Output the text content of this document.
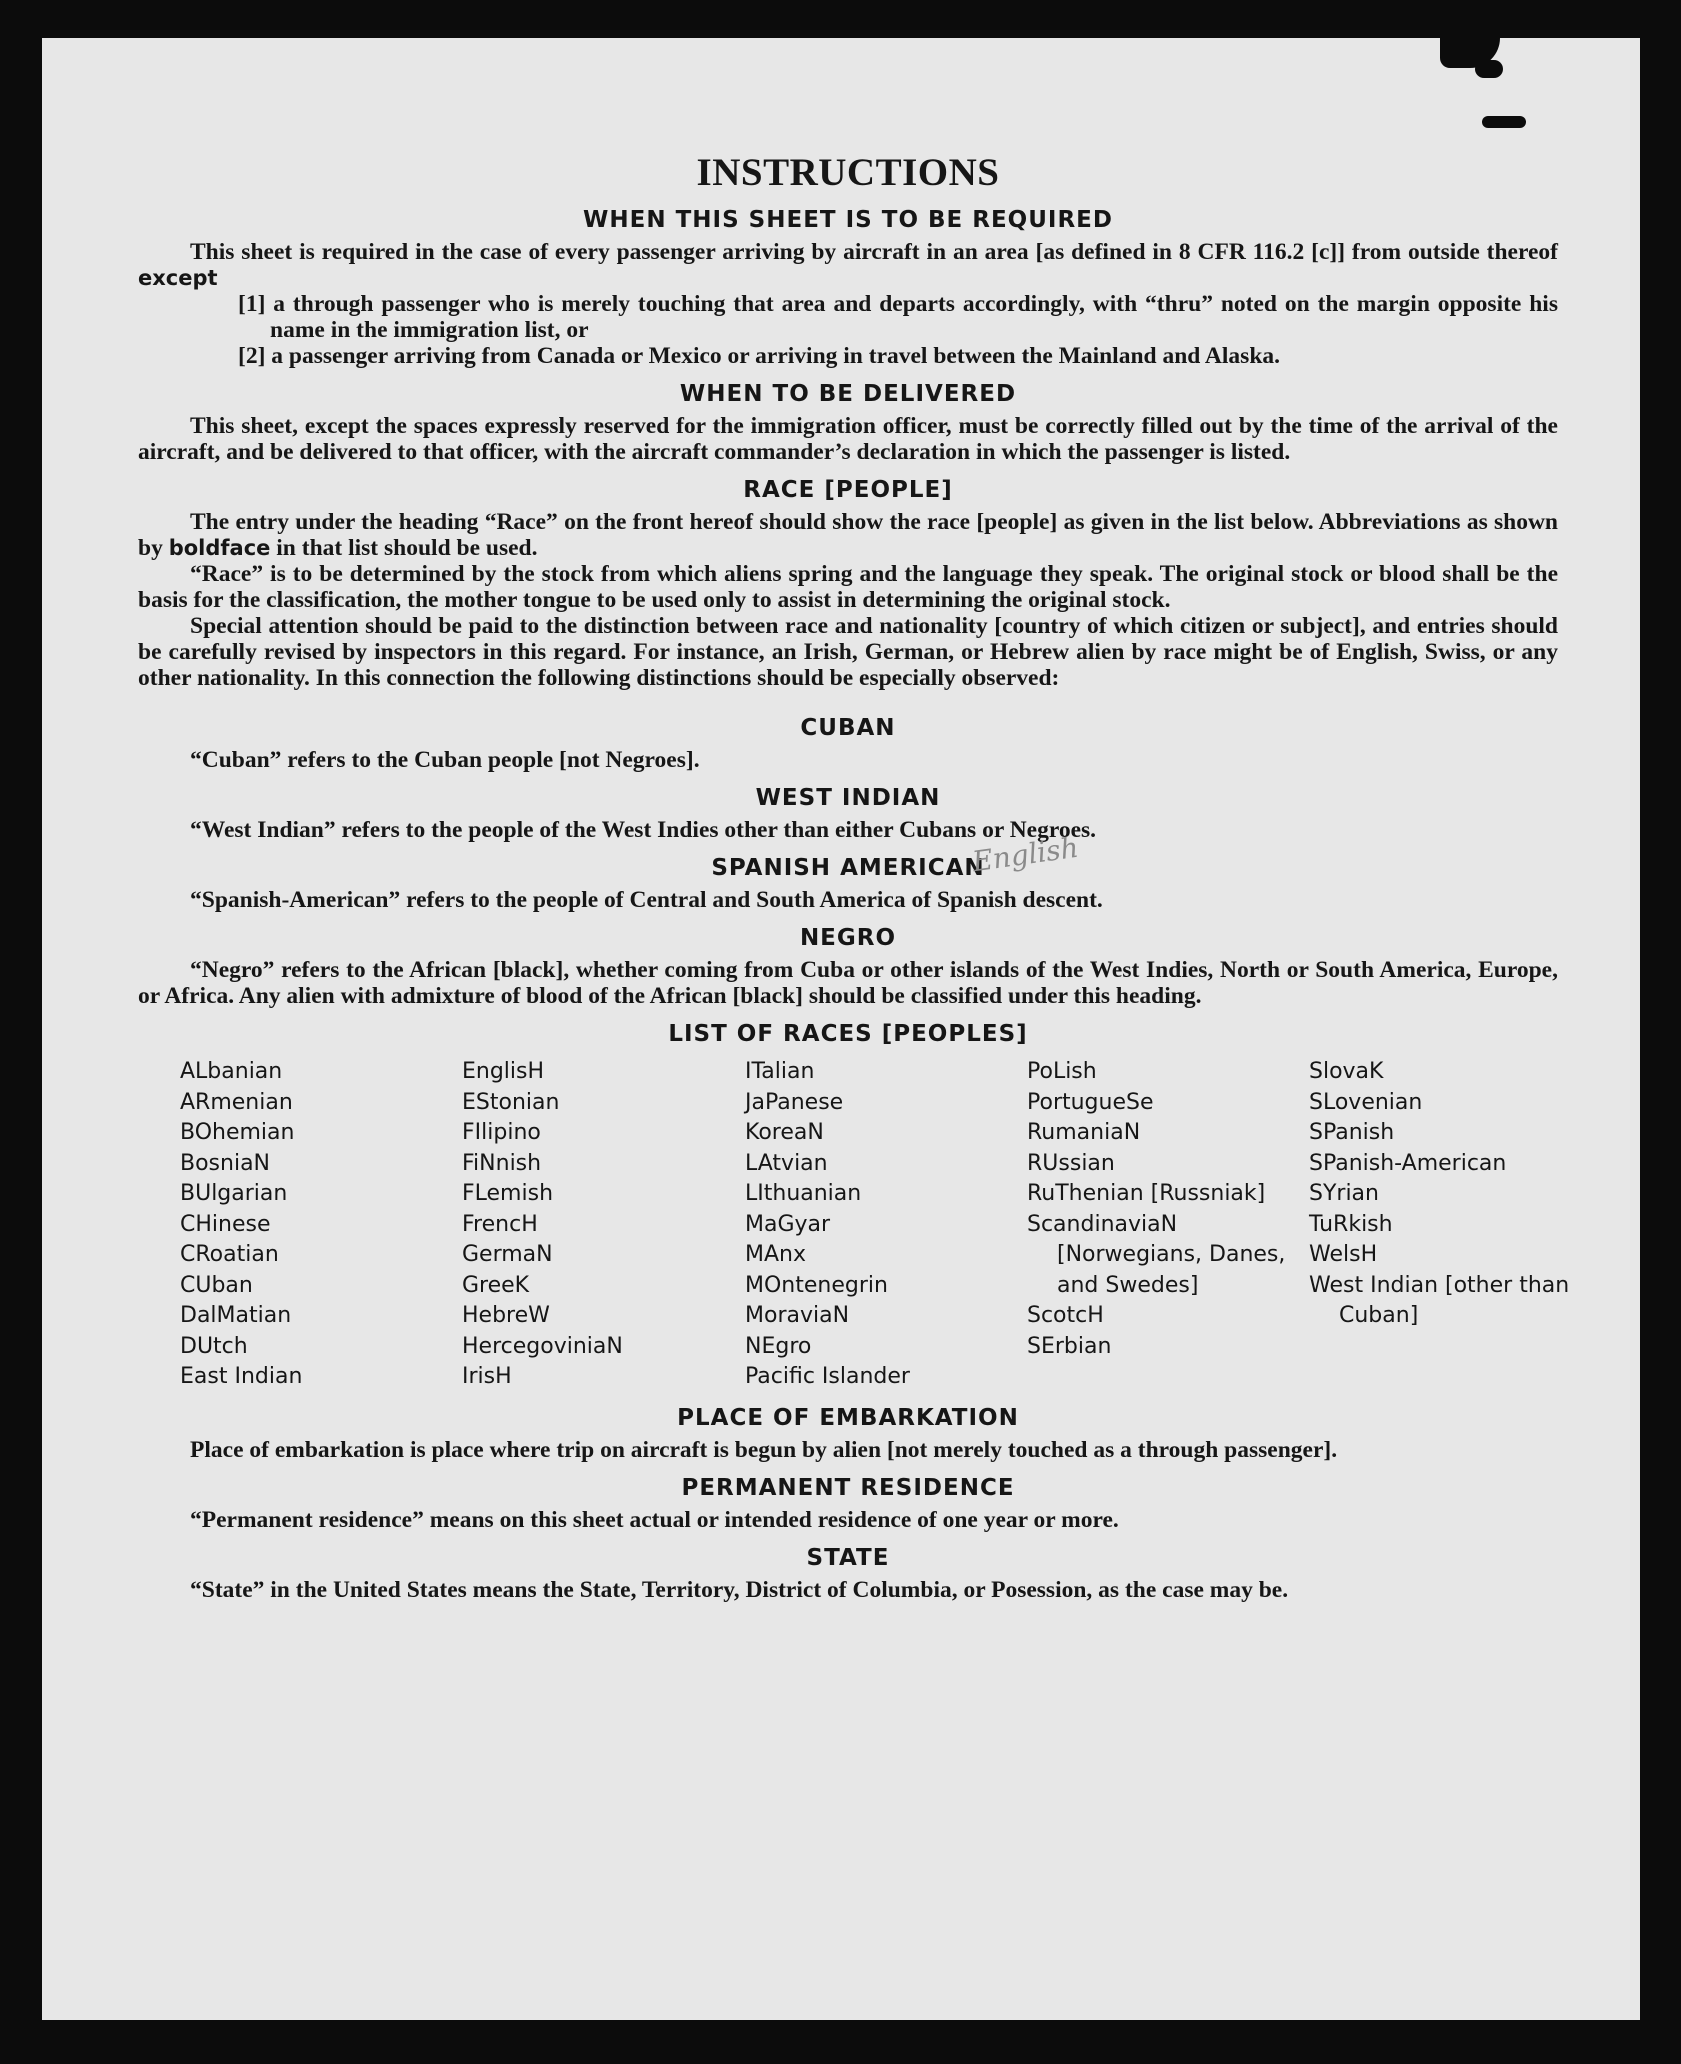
INSTRUCTIONS
WHEN THIS SHEET IS TO BE REQUIRED

This sheet is required in the case of every passenger arriving by aircraft in an area [as defined in 8 CFR 116.2 [c]] from outside thereof except

[1] a through passenger who is merely touching that area and departs accordingly, with “thru” noted on the margin opposite his name in the immigration list, or
[2] a passenger arriving from Canada or Mexico or arriving in travel between the Mainland and Alaska.
WHEN TO BE DELIVERED

This sheet, except the spaces expressly reserved for the immigration officer, must be correctly filled out by the time of the arrival of the aircraft, and be delivered to that officer, with the aircraft commander’s declaration in which the passenger is listed.

RACE [PEOPLE]

The entry under the heading “Race” on the front hereof should show the race [people] as given in the list below. Abbreviations as shown by boldface in that list should be used.

“Race” is to be determined by the stock from which aliens spring and the language they speak. The original stock or blood shall be the basis for the classification, the mother tongue to be used only to assist in determining the original stock.

Special attention should be paid to the distinction between race and nationality [country of which citizen or subject], and entries should be carefully revised by inspectors in this regard. For instance, an Irish, German, or Hebrew alien by race might be of English, Swiss, or any other nationality. In this connection the following distinctions should be especially observed:

CUBAN

“Cuban” refers to the Cuban people [not Negroes].

WEST INDIAN

“West Indian” refers to the people of the West Indies other than either Cubans or Negroes.

SPANISH AMERICAN

“Spanish-American” refers to the people of Central and South America of Spanish descent.

NEGRO

“Negro” refers to the African [black], whether coming from Cuba or other islands of the West Indies, North or South America, Europe, or Africa. Any alien with admixture of blood of the African [black] should be classified under this heading.

LIST OF RACES [PEOPLES]
ALbanian
ARmenian
BOhemian
BosniaN
BUlgarian
CHinese
CRoatian
CUban
DalMatian
DUtch
East Indian
EnglisH
EStonian
FIlipino
FiNnish
FLemish
FrencH
GermaN
GreeK
HebreW
HercegoviniaN
IrisH
ITalian
JaPanese
KoreaN
LAtvian
LIthuanian
MaGyar
MAnx
MOntenegrin
MoraviaN
NEgro
Pacific Islander
PoLish
PortugueSe
RumaniaN
RUssian
RuThenian [Russniak]
ScandinaviaN [Norwegians, Danes, and Swedes]
ScotcH
SErbian
SlovaK
SLovenian
SPanish
SPanish-American
SYrian
TuRkish
WelsH
West Indian [other than Cuban]
PLACE OF EMBARKATION

Place of embarkation is place where trip on aircraft is begun by alien [not merely touched as a through passenger].

PERMANENT RESIDENCE

“Permanent residence” means on this sheet actual or intended residence of one year or more.

STATE

“State” in the United States means the State, Territory, District of Columbia, or Posession, as the case may be.

English
